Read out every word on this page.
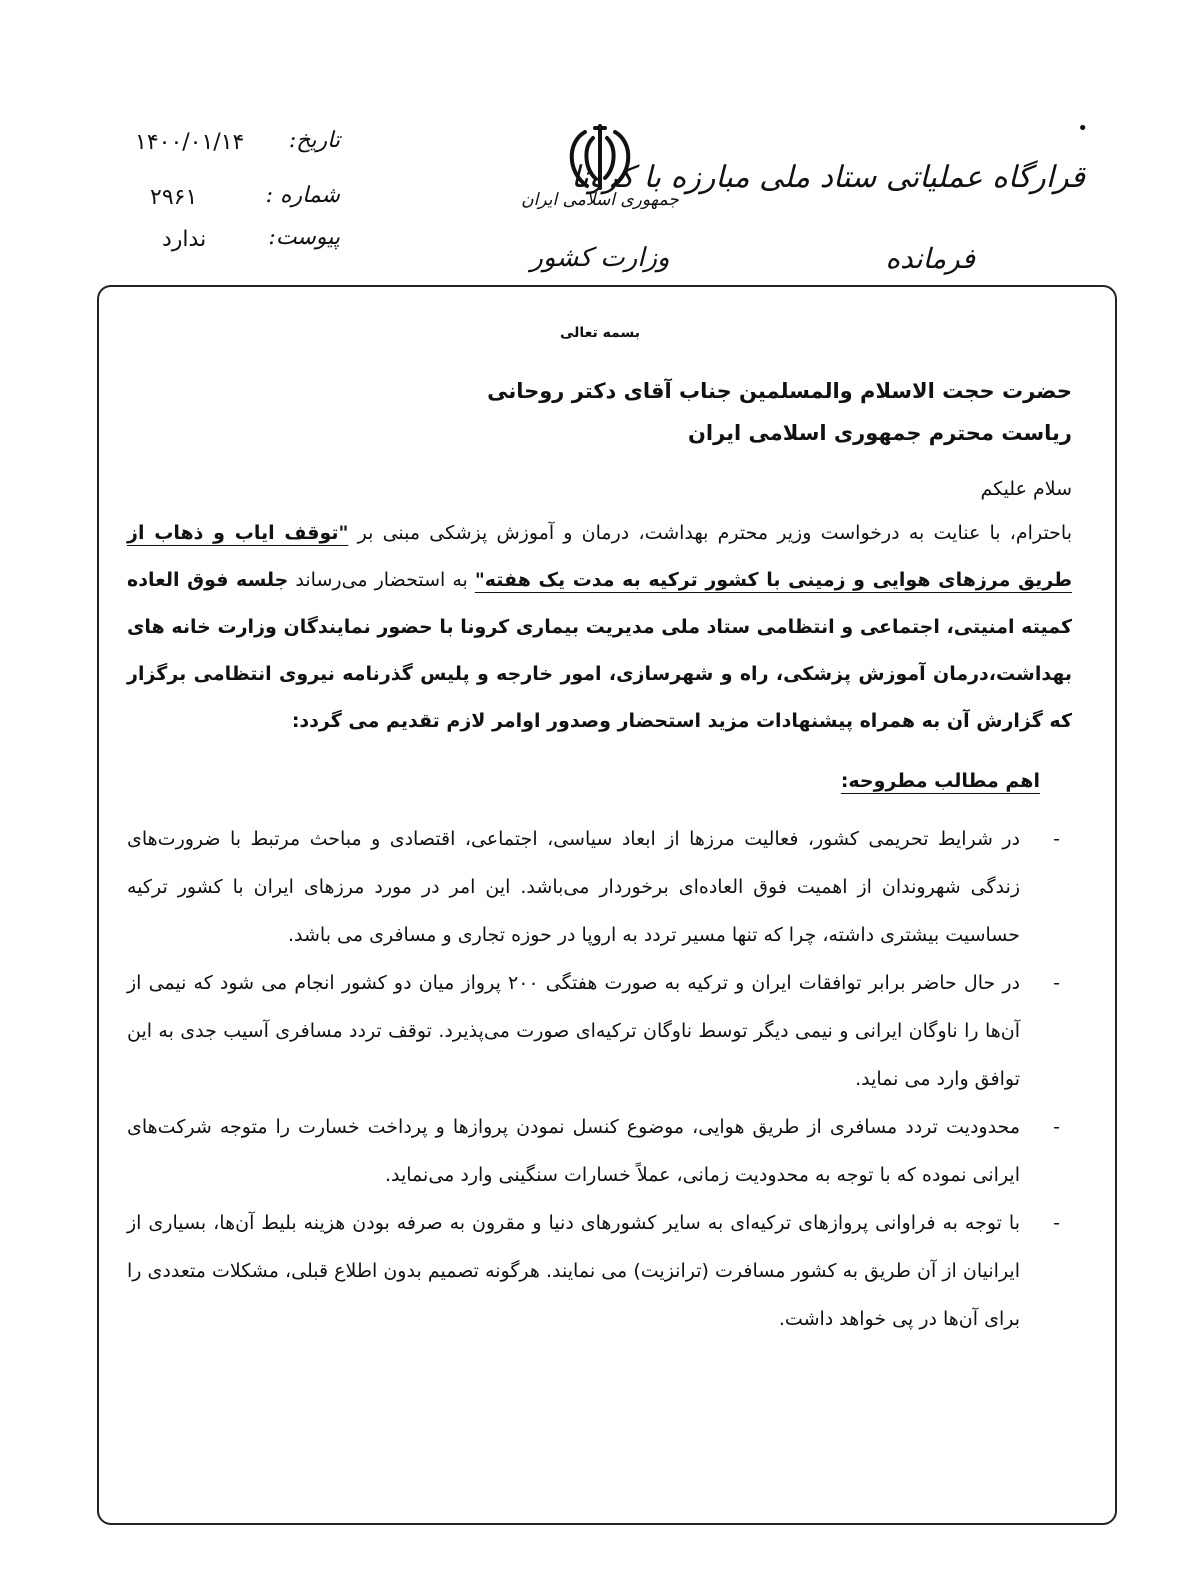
•
قرارگاه عملیاتی ستاد ملی مبارزه با کرونا
فرمانده
جمهوری اسلامی ایران
وزارت کشور
تاریخ:
۱۴۰۰/۰۱/۱۴
شماره :
۲۹۶۱
پیوست:
ندارد
بسمه تعالی
حضرت حجت الاسلام والمسلمین جناب آقای دکتر روحانی
ریاست محترم جمهوری اسلامی ایران
سلام علیکم

باحترام، با عنایت به درخواست وزیر محترم بهداشت، درمان و آموزش پزشکی مبنی بر "توقف ایاب و ذهاب از طریق مرزهای هوایی و زمینی با کشور ترکیه به مدت یک هفته" به استحضار می‌رساند جلسه فوق العاده کمیته امنیتی، اجتماعی و انتظامی ستاد ملی مدیریت بیماری کرونا با حضور نمایندگان وزارت خانه های بهداشت،درمان آموزش پزشکی، راه و شهرسازی، امور خارجه و پلیس گذرنامه نیروی انتظامی برگزار که گزارش آن به همراه پیشنهادات مزید استحضار وصدور اوامر لازم تقدیم می گردد:

اهم مطالب مطروحه:
-
در شرایط تحریمی کشور، فعالیت مرزها از ابعاد سیاسی، اجتماعی، اقتصادی و مباحث مرتبط با ضرورت‌های زندگی شهروندان از اهمیت فوق العاده‌ای برخوردار می‌باشد. این امر در مورد مرزهای ایران با کشور ترکیه حساسیت بیشتری داشته، چرا که تنها مسیر تردد به اروپا در حوزه تجاری و مسافری می باشد.
-
در حال حاضر برابر توافقات ایران و ترکیه به صورت هفتگی ۲۰۰ پرواز میان دو کشور انجام می شود که نیمی از آن‌ها را ناوگان ایرانی و نیمی دیگر توسط ناوگان ترکیه‌ای صورت می‌پذیرد. توقف تردد مسافری آسیب جدی به این توافق وارد می نماید.
-
محدودیت تردد مسافری از طریق هوایی، موضوع کنسل نمودن پروازها و پرداخت خسارت را متوجه شرکت‌های ایرانی نموده که با توجه به محدودیت زمانی، عملاً خسارات سنگینی وارد می‌نماید.
-
با توجه به فراوانی پروازهای ترکیه‌ای به سایر کشورهای دنیا و مقرون به صرفه بودن هزینه بلیط آن‌ها، بسیاری از ایرانیان از آن طریق به کشور مسافرت (ترانزیت) می نمایند. هرگونه تصمیم بدون اطلاع قبلی، مشکلات متعددی را برای آن‌ها در پی خواهد داشت.
